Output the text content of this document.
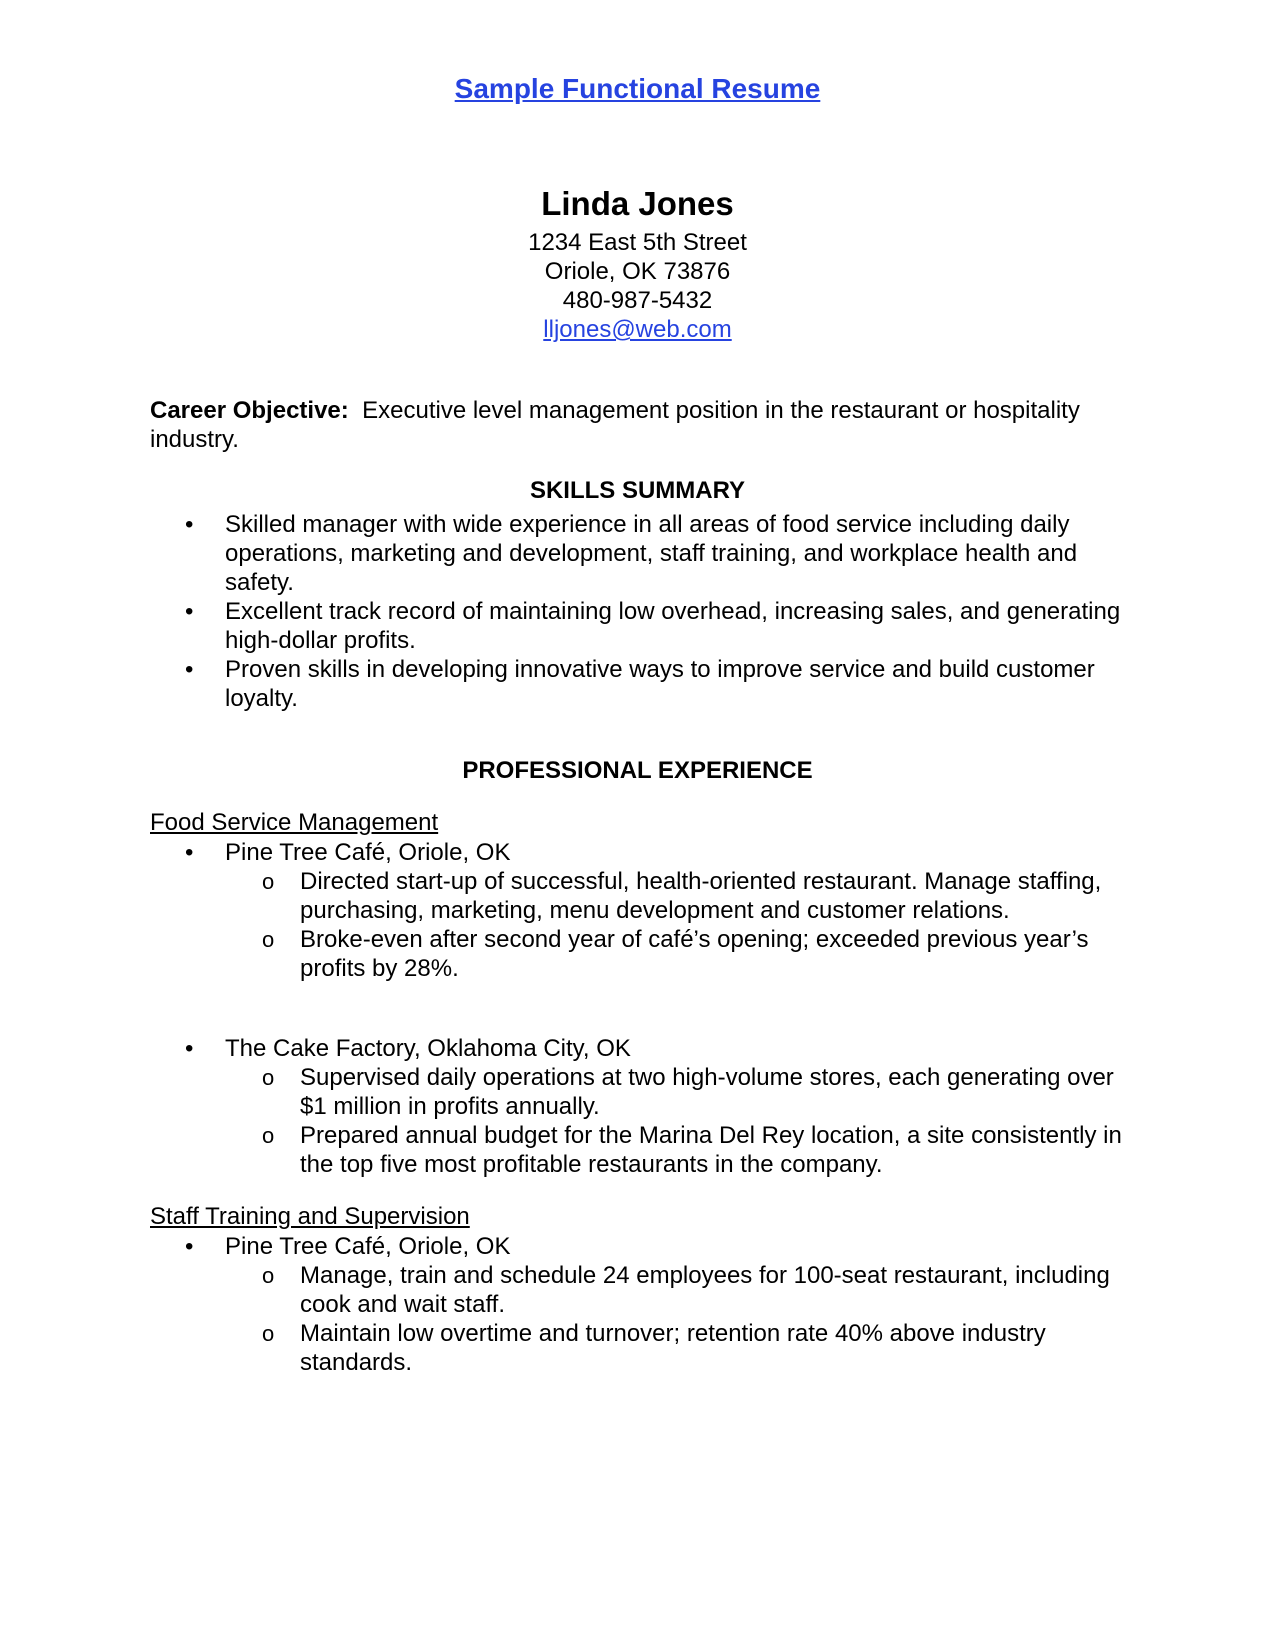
Sample Functional Resume
Linda Jones
1234 East 5th Street
Oriole, OK 73876
480-987-5432
lljones@web.com
Career Objective: Executive level management position in the restaurant or hospitality industry.
SKILLS SUMMARY
• Skilled manager with wide experience in all areas of food service including daily operations, marketing and development, staff training, and workplace health and safety.
• Excellent track record of maintaining low overhead, increasing sales, and generating high-dollar profits.
• Proven skills in developing innovative ways to improve service and build customer loyalty.
PROFESSIONAL EXPERIENCE
Food Service Management
• Pine Tree Café, Oriole, OK
o Directed start-up of successful, health-oriented restaurant. Manage staffing, purchasing, marketing, menu development and customer relations.
o Broke-even after second year of café’s opening; exceeded previous year’s profits by 28%.
• The Cake Factory, Oklahoma City, OK
o Supervised daily operations at two high-volume stores, each generating over $1 million in profits annually.
o Prepared annual budget for the Marina Del Rey location, a site consistently in the top five most profitable restaurants in the company.
Staff Training and Supervision
• Pine Tree Café, Oriole, OK
o Manage, train and schedule 24 employees for 100-seat restaurant, including cook and wait staff.
o Maintain low overtime and turnover; retention rate 40% above industry standards.
